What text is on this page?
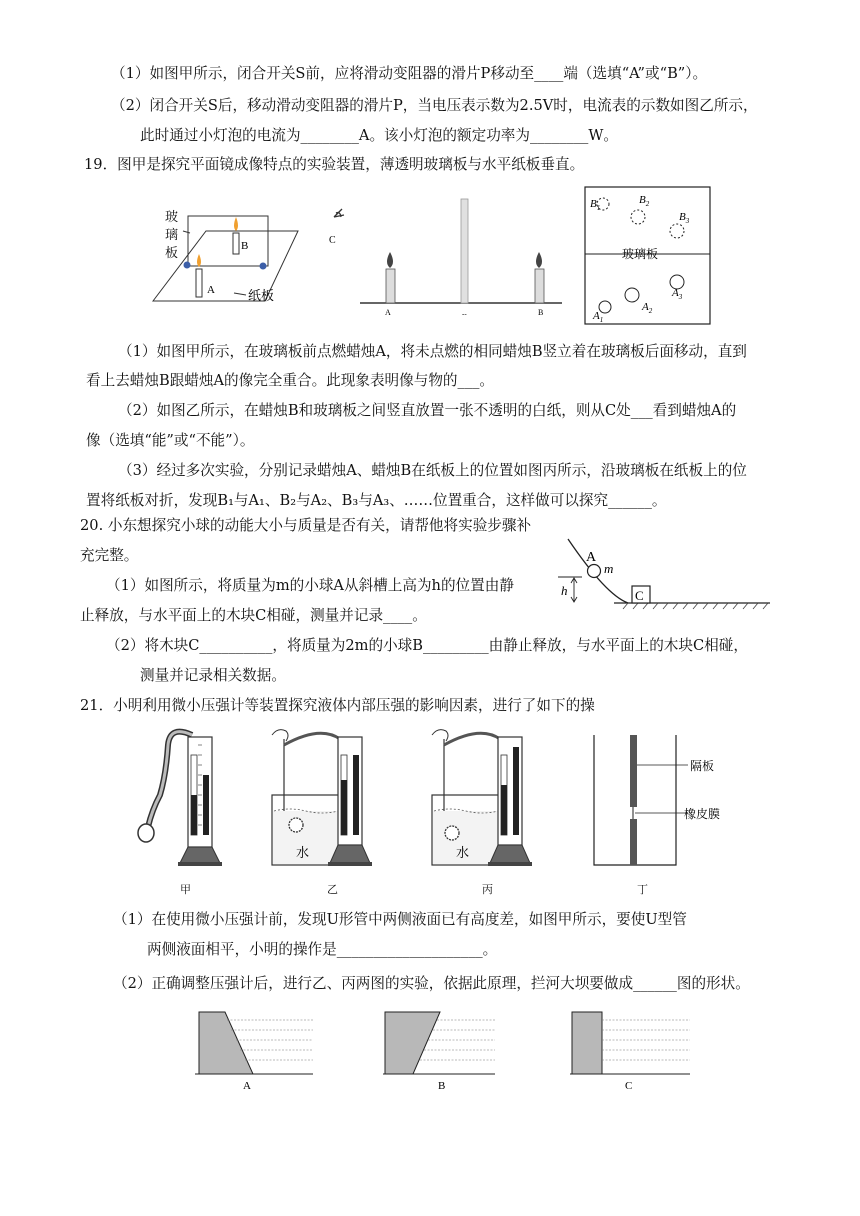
（1）如图甲所示，闭合开关S前，应将滑动变阻器的滑片P移动至____端（选填“A”或“B”）。
（2）闭合开关S后，移动滑动变阻器的滑片P，当电压表示数为2.5V时，电流表的示数如图乙所示，
此时通过小灯泡的电流为________A。该小灯泡的额定功率为________W。
19．图甲是探究平面镜成像特点的实验装置，薄透明玻璃板与水平纸板垂直。
B
A	纸板
玻
璃
板
C
A	--	B
玻璃板
$B_1$
$B_2$
$B_3$
$A_3$
$A_2$
$A_1$
（1）如图甲所示，在玻璃板前点燃蜡烛A，将未点燃的相同蜡烛B竖立着在玻璃板后面移动，直到
看上去蜡烛B跟蜡烛A的像完全重合。此现象表明像与物的___。
（2）如图乙所示，在蜡烛B和玻璃板之间竖直放置一张不透明的白纸，则从C处___看到蜡烛A的
像（选填“能”或“不能”）。
（3）经过多次实验，分别记录蜡烛A、蜡烛B在纸板上的位置如图丙所示，沿玻璃板在纸板上的位
置将纸板对折，发现B₁与A₁、B₂与A₂、B₃与A₃、……位置重合，这样做可以探究______。
20. 小东想探究小球的动能大小与质量是否有关，请帮他将实验步骤补
充完整。
（1）如图所示，将质量为m的小球A从斜槽上高为h的位置由静
止释放，与水平面上的木块C相碰，测量并记录____。
A
m
h	C
（2）将木块C__________，将质量为2m的小球B_________由静止释放，与水平面上的木块C相碰，
测量并记录相关数据。
21．小明利用微小压强计等装置探究液体内部压强的影响因素，进行了如下的操
水	水
隔板
橡皮膜
甲	乙	丙	丁
（1）在使用微小压强计前，发现U形管中两侧液面已有高度差，如图甲所示，要使U型管
两侧液面相平，小明的操作是____________________。
（2）正确调整压强计后，进行乙、丙两图的实验，依据此原理，拦河大坝要做成______图的形状。
A	B	C
